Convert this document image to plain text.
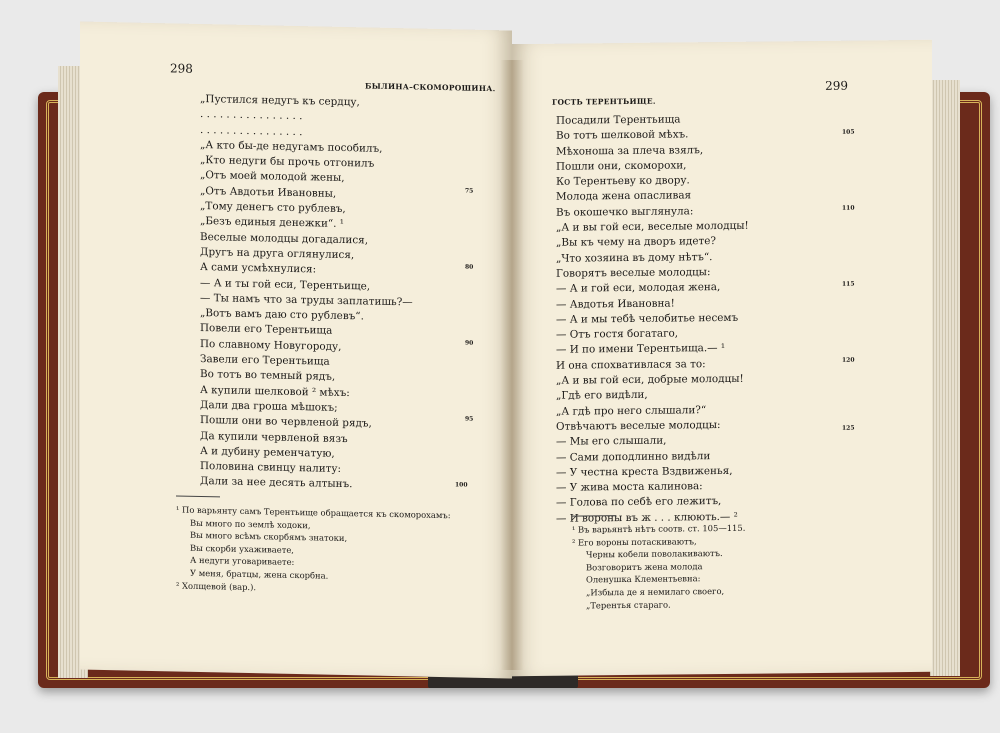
298
БЫЛИНА–СКОМОРОШИНА.
„Пустился недугъ къ сердцу,
. . . . . . . . . . . . . . . .
. . . . . . . . . . . . . . . .
„А кто бы-де недугамъ пособилъ,
„Кто недуги бы прочь отгонилъ
„Отъ моей молодой жены,
„Отъ Авдотьи Ивановны,
„Тому денегъ сто рублевъ,
„Безъ единыя денежки“. ¹
Веселые молодцы догадалися,
Другъ на друга оглянулися,
А сами усмѣхнулися:
— А и ты гой еси, Терентьище,
— Ты намъ что за труды заплатишь?—
„Вотъ вамъ даю сто рублевъ“.
Повели его Терентьища
По славному Новугороду,
Завели его Терентьища
Во тотъ во темный рядъ,
А купили шелковой ² мѣхъ:
Дали два гроша мѣшокъ;
Пошли они во червленой рядъ,
Да купили червленой вязъ
А и дубину ременчатую,
Половина свинцу налиту:
Дали за нее десять алтынъ.
75
80
90
95
100
¹ По варьянту самъ Терентьище обращается къ скоморохамъ:
Вы много по землѣ ходоки,
Вы много всѣмъ скорбямъ знатоки,
Вы скорби ухаживаете,
А недуги уговариваете:
У меня, братцы, жена скорбна.
² Холщевой (вар.).
299
ГОСТЬ ТЕРЕНТЬИЩЕ.
Посадили Терентьища
Во тотъ шелковой мѣхъ.
Мѣхоноша за плеча взялъ,
Пошли они, скоморохи,
Ко Терентьеву ко двору.
Молода жена опасливая
Въ окошечко выглянула:
„А и вы гой еси, веселые молодцы!
„Вы къ чему на дворъ идете?
„Что хозяина въ дому нѣтъ“.
Говорятъ веселые молодцы:
— А и гой еси, молодая жена,
— Авдотья Ивановна!
— А и мы тебѣ челобитье несемъ
— Отъ гостя богатаго,
— И по имени Терентьища.— ¹
И она спохвативлася за то:
„А и вы гой еси, добрые молодцы!
„Гдѣ его видѣли,
„А гдѣ про него слышали?“
Отвѣчаютъ веселые молодцы:
— Мы его слышали,
— Сами доподлинно видѣли
— У честна креста Вздвиженья,
— У жива моста калинова:
— Голова по себѣ его лежитъ,
— И вороны въ ж . . . клюють.— ²
105
110
115
120
125
¹ Въ варьянтѣ нѣтъ соотв. ст. 105—115.
² Его вороны потаскиваютъ,
Черны кобели поволакиваютъ.
Возговоритъ жена молода
Оленушка Клементьевна:
„Избыла де я немилаго своего,
„Терентья стараго.
